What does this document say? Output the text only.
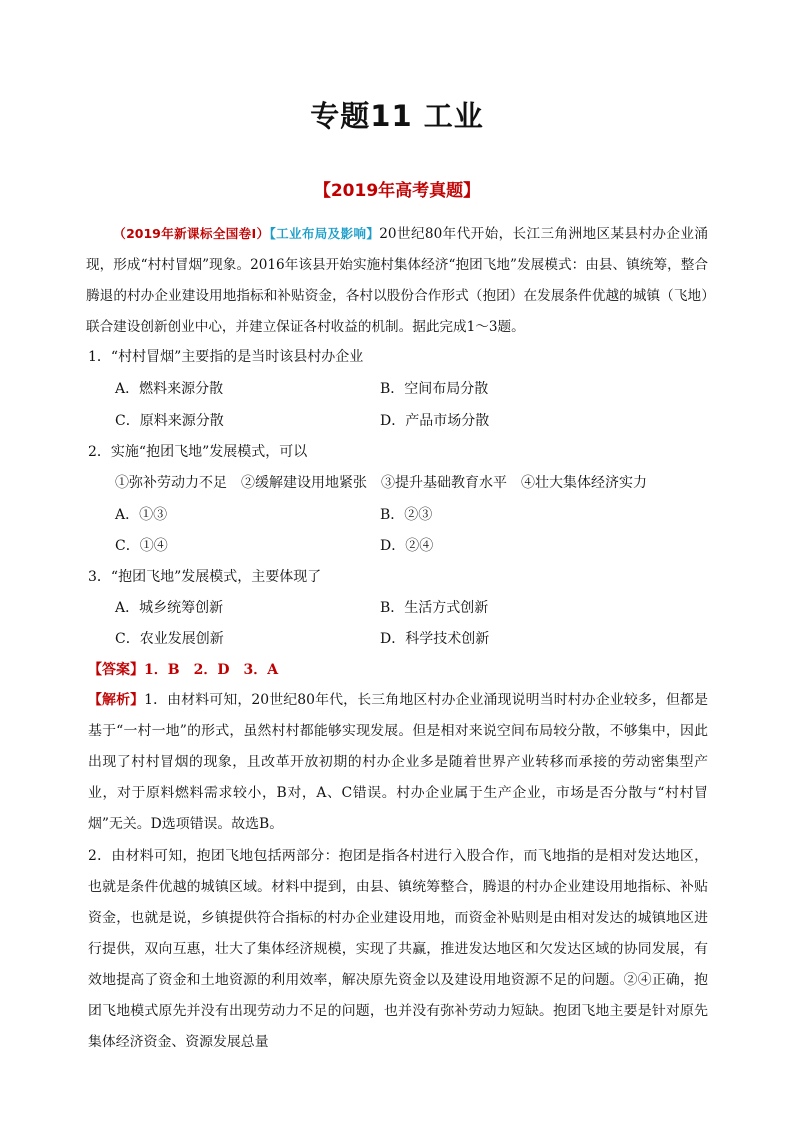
专题11 工业
【2019年高考真题】

（2019年新课标全国卷Ⅰ）【工业布局及影响】20世纪80年代开始，长江三角洲地区某县村办企业涌现，形成“村村冒烟”现象。2016年该县开始实施村集体经济“抱团飞地”发展模式：由县、镇统筹，整合腾退的村办企业建设用地指标和补贴资金，各村以股份合作形式（抱团）在发展条件优越的城镇（飞地）联合建设创新创业中心，并建立保证各村收益的机制。据此完成1～3题。

1．“村村冒烟”主要指的是当时该县村办企业
A．燃料来源分散	B．空间布局分散
C．原料来源分散	D．产品市场分散
2．实施“抱团飞地”发展模式，可以
①弥补劳动力不足　②缓解建设用地紧张　③提升基础教育水平　④壮大集体经济实力
A．①③	B．②③
C．①④	D．②④
3．“抱团飞地”发展模式，主要体现了
A．城乡统筹创新	B．生活方式创新
C．农业发展创新	D．科学技术创新
【答案】1．B　2．D　3．A

【解析】1．由材料可知，20世纪80年代，长三角地区村办企业涌现说明当时村办企业较多，但都是基于“一村一地”的形式，虽然村村都能够实现发展。但是相对来说空间布局较分散，不够集中，因此出现了村村冒烟的现象，且改革开放初期的村办企业多是随着世界产业转移而承接的劳动密集型产业，对于原料燃料需求较小，B对，A、C错误。村办企业属于生产企业，市场是否分散与“村村冒烟”无关。D选项错误。故选B。

2．由材料可知，抱团飞地包括两部分：抱团是指各村进行入股合作，而飞地指的是相对发达地区，也就是条件优越的城镇区域。材料中提到，由县、镇统筹整合，腾退的村办企业建设用地指标、补贴资金，也就是说，乡镇提供符合指标的村办企业建设用地，而资金补贴则是由相对发达的城镇地区进行提供，双向互惠，壮大了集体经济规模，实现了共赢，推进发达地区和欠发达区域的协同发展，有效地提高了资金和土地资源的利用效率，解决原先资金以及建设用地资源不足的问题。②④正确，抱团飞地模式原先并没有出现劳动力不足的问题，也并没有弥补劳动力短缺。抱团飞地主要是针对原先集体经济资金、资源发展总量
